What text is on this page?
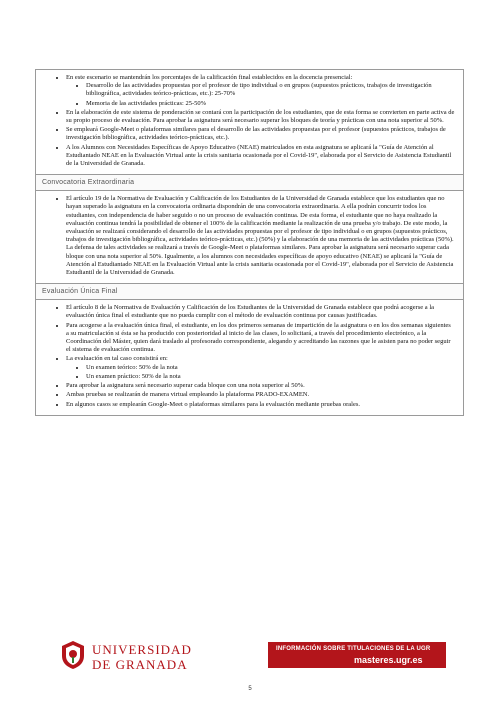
• En este escenario se mantendrán los porcentajes de la calificación final establecidos en la docencia presencial:
• Desarrollo de las actividades propuestas por el profesor de tipo individual o en grupos (supuestos prácticos, trabajos de investigación bibliográfica, actividades teórico-prácticas, etc.): 25-70%
• Memoria de las actividades prácticas: 25-50%
• En la elaboración de este sistema de ponderación se contará con la participación de los estudiantes, que de esta forma se convierten en parte activa de su propio proceso de evaluación. Para aprobar la asignatura será necesario superar los bloques de teoría y prácticas con una nota superior al 50%.
• Se empleará Google-Meet o plataformas similares para el desarrollo de las actividades propuestas por el profesor (supuestos prácticos, trabajos de investigación bibliográfica, actividades teórico-prácticas, etc.).
• A los Alumnos con Necesidades Específicas de Apoyo Educativo (NEAE) matriculados en esta asignatura se aplicará la "Guía de Atención al Estudiantado NEAE en la Evaluación Virtual ante la crisis sanitaria ocasionada por el Covid-19", elaborada por el Servicio de Asistencia Estudiantil de la Universidad de Granada.
Convocatoria Extraordinaria
• El artículo 19 de la Normativa de Evaluación y Calificación de los Estudiantes de la Universidad de Granada establece que los estudiantes que no hayan superado la asignatura en la convocatoria ordinaria dispondrán de una convocatoria extraordinaria. A ella podrán concurrir todos los estudiantes, con independencia de haber seguido o no un proceso de evaluación continua. De esta forma, el estudiante que no haya realizado la evaluación continua tendrá la posibilidad de obtener el 100% de la calificación mediante la realización de una prueba y/o trabajo. De este modo, la evaluación se realizará considerando el desarrollo de las actividades propuestas por el profesor de tipo individual o en grupos (supuestos prácticos, trabajos de investigación bibliográfica, actividades teórico-prácticas, etc.) (50%) y la elaboración de una memoria de las actividades prácticas (50%). La defensa de tales actividades se realizará a través de Google-Meet o plataformas similares. Para aprobar la asignatura será necesario superar cada bloque con una nota superior al 50%. Igualmente, a los alumnos con necesidades específicas de apoyo educativo (NEAE) se aplicará la "Guía de Atención al Estudiantado NEAE en la Evaluación Virtual ante la crisis sanitaria ocasionada por el Covid-19", elaborada por el Servicio de Asistencia Estudiantil de la Universidad de Granada.
Evaluación Única Final
• El artículo 8 de la Normativa de Evaluación y Calificación de los Estudiantes de la Universidad de Granada establece que podrá acogerse a la evaluación única final el estudiante que no pueda cumplir con el método de evaluación continua por causas justificadas.
• Para acogerse a la evaluación única final, el estudiante, en los dos primeros semanas de impartición de la asignatura o en los dos semanas siguientes a su matriculación si ésta se ha producido con posterioridad al inicio de las clases, lo solicitará, a través del procedimiento electrónico, a la Coordinación del Máster, quien dará traslado al profesorado correspondiente, alegando y acreditando las razones que le asisten para no poder seguir el sistema de evaluación continua.
• La evaluación en tal caso consistirá en:
• Un examen teórico: 50% de la nota
• Un examen práctico: 50% de la nota
• Para aprobar la asignatura será necesario superar cada bloque con una nota superior al 50%.
• Ambas pruebas se realizarán de manera virtual empleando la plataforma PRADO-EXAMEN.
• En algunos casos se emplearán Google-Meet o plataformas similares para la evaluación mediante pruebas orales.
UNIVERSIDAD
DE GRANADA
INFORMACIÓN SOBRE TITULACIONES DE LA UGR
masteres.ugr.es
5
